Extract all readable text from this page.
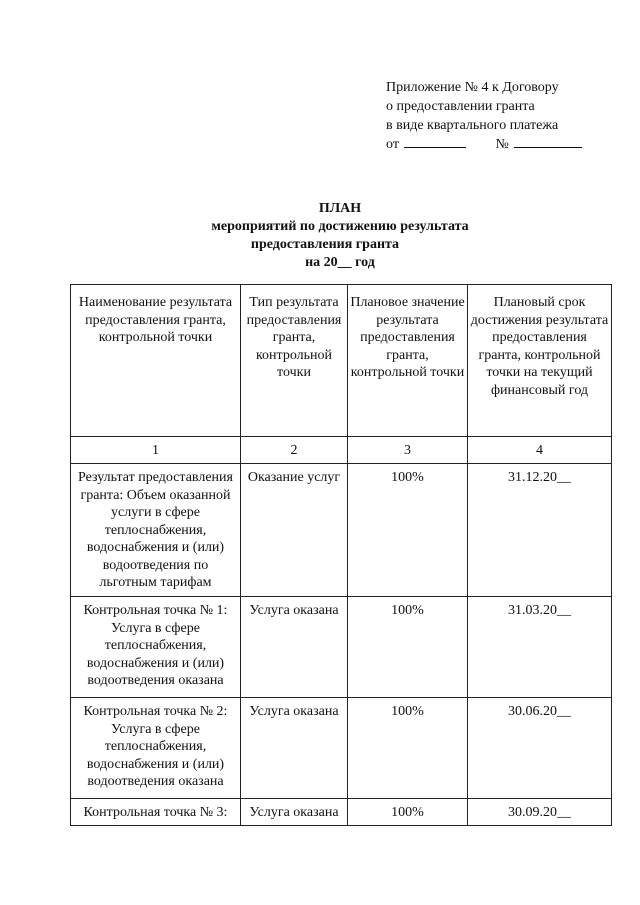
Приложение № 4 к Договору
о предоставлении гранта
в виде квартального платежа
от	№
ПЛАН
мероприятий по достижению результата
предоставления гранта
на 20__ год
Наименование результата предоставления гранта, контрольной точки	Тип результата предоставления гранта, контрольной точки	Плановое значение результата предоставления гранта, контрольной точки	Плановый срок достижения результата предоставления гранта, контрольной точки на текущий финансовый год
1	2	3	4
Результат предоставления гранта: Объем оказанной услуги в сфере теплоснабжения, водоснабжения и (или) водоотведения по льготным тарифам	Оказание услуг	100%	31.12.20__
Контрольная точка № 1: Услуга в сфере теплоснабжения, водоснабжения и (или) водоотведения оказана	Услуга оказана	100%	31.03.20__
Контрольная точка № 2: Услуга в сфере теплоснабжения, водоснабжения и (или) водоотведения оказана	Услуга оказана	100%	30.06.20__
Контрольная точка № 3:	Услуга оказана	100%	30.09.20__
